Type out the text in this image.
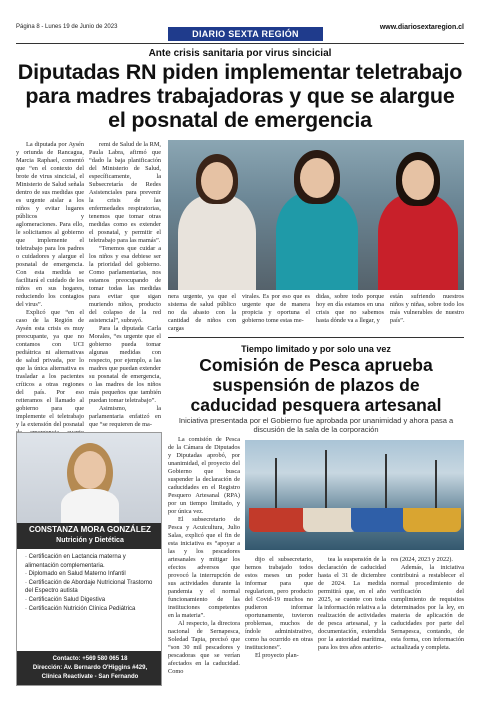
Página 8 - Lunes 19 de Junio de 2023
DIARIO SEXTA REGIÓN
www.diariosextaregion.cl
Ante crisis sanitaria por virus sincicial
Diputadas RN piden implementar teletrabajo para madres trabajadoras y que se alargue el posnatal de emergencia

La diputada por Aysén y oriunda de Rancagua, Marcia Raphael, comentó que “en el contexto del brote de virus sincicial, el Ministerio de Salud señala dentro de sus medidas que es urgente aislar a los niños y evitar lugares públicos y aglomeraciones. Para ello, le solicitamos al gobierno que implemente el teletrabajo para los padres o cuidadores y alargue el posnatal de emergencia. Con esta medida se facilitará el cuidado de los niños en sus hogares, reduciendo los contagios del virus”.

Explicó que “en el caso de la Región de Aysén esta crisis es muy preocupante, ya que no contamos con UCI pediátrica ni alternativas de salud privada, por lo que la única alternativa es trasladar a los pacientes críticos a otras regiones del país. Por eso reiteramos el llamado al gobierno para que implemente el teletrabajo y la extensión del posnatal

remi de Salud de la RM, Paula Labra, afirmó que “dado la baja planificación del Ministerio de Salud, específicamente, la Subsecretaría de Redes Asistenciales para prevenir la crisis de las enfermedades respiratorias, tenemos que tomar otras medidas como es extender el posnatal, y permitir el teletrabajo para las mamás”.

“Tenemos que cuidar a los niños y esa debiese ser la prioridad del gobierno. Como parlamentarias, nos estamos preocupando de tomar todas las medidas para evitar que sigan muriendo niños, producto del colapso de la red asistencial”, subrayó.

Para la diputada Carla Morales, “es urgente que el gobierno pueda tomar algunas medidas con respecto, por ejemplo, a las madres que puedan extender su posnatal de emergencia, o las madres de los niños más pequeños que también puedan tomar teletrabajo”.

Asimismo, la parlamentaria enfatizó en que “se requieren de ma-

nera urgente, ya que el sistema de salud público no da abasto con la cantidad de niños con cargas
virales. Es por eso que es urgente que de manera propicia y oportuna el gobierno tome estas me-
didas, sobre todo porque hoy en día estamos en una crisis que no sabemos hasta dónde va a llegar, y
están sufriendo nuestros niños y niñas, sobre todo los más vulnerables de nuestro país”.
Tiempo limitado y por solo una vez
Comisión de Pesca aprueba suspensión de plazos de caducidad pesquera artesanal
Iniciativa presentada por el Gobierno fue aprobada por unanimidad y ahora pasa a discusión de la sala de la corporación
CONSTANZA MORA GONZÁLEZ
Nutrición y Dietética
· Certificación en Lactancia materna y alimentación complementaria.
· Diplomado en Salud Materno Infantil
· Certificación de Abordaje Nutricional Trastorno del Espectro autista
· Certificación Salud Digestiva
· Certificación Nutrición Clínica Pediátrica
Contacto: +569 580 065 18
Dirección: Av. Bernardo O'Higgins #429,
Clínica Reactivate - San Fernando

La comisión de Pesca de la Cámara de Diputados y Diputadas aprobó, por unanimidad, el proyecto del Gobierno que busca suspender la declaración de caducidades en el Registro Pesquero Artesanal (RPA) por un tiempo limitado, y por única vez.

El subsecretario de Pesca y Acuicultura, Julio Salas, explicó que el fin de esta iniciativa es “apoyar a las y los pescadores artesanales y mitigar los efectos adversos que provocó la interrupción de sus actividades durante la pandemia y el normal funcionamiento de las instituciones competentes en la materia”.

Al respecto, la directora nacional de Sernapesca, Soledad Tapia, precisó que “son 30 mil pescadores y pescadoras que se verían afectados en la caducidad. Como

dijo el subsecretario, hemos trabajado todos estos meses un poder informar para que regularicen, pero producto del Covid-19 muchos no pudieron informar oportunamente, tuvieron problemas, muchos de índole administrativo, como ha ocurrido en otras instituciones”.

El proyecto plan-

tea la suspensión de la declaración de caducidad hasta el 31 de diciembre de 2024. La medida permitirá que, en el año 2025, se cuente con toda la información relativa a la realización de actividades de pesca artesanal, y la documentación, extendida por la autoridad marítima, para los tres años anterio-

res (2024, 2023 y 2022).

Además, la iniciativa contribuirá a restablecer el normal procedimiento de verificación del cumplimiento de requisitos determinados por la ley, en materia de aplicación de caducidades por parte del Sernapesca, contando, de esta forma, con información actualizada y completa.
